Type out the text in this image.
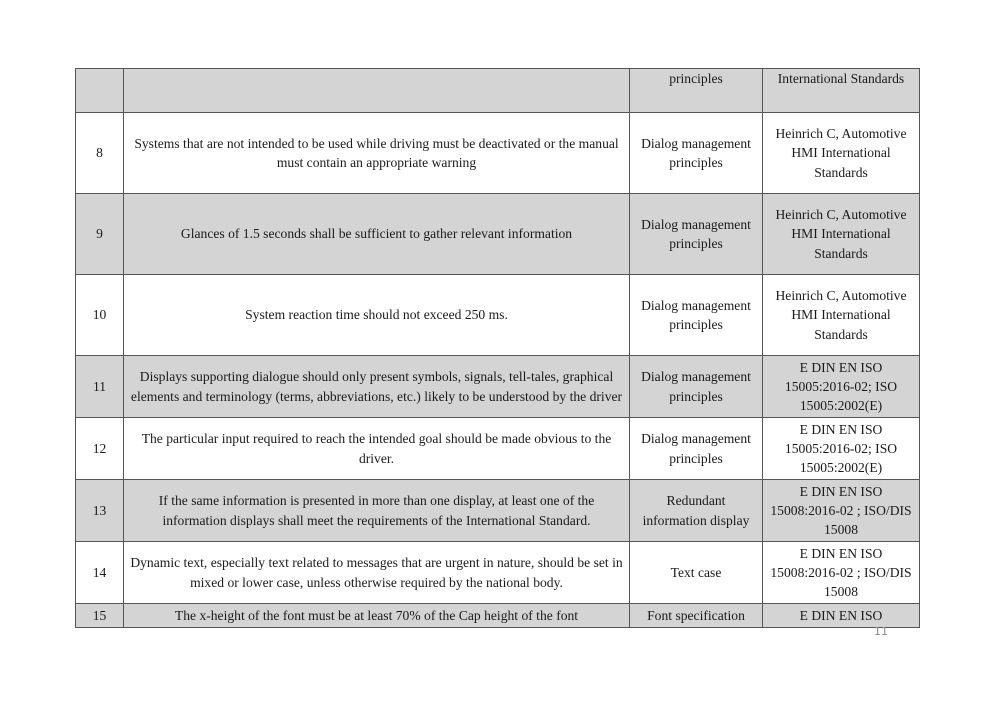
		principles	International Standards
8	Systems that are not intended to be used while driving must be deactivated or the manual must contain an appropriate warning	Dialog management principles	Heinrich C, Automotive HMI International Standards
9	Glances of 1.5 seconds shall be sufficient to gather relevant information	Dialog management principles	Heinrich C, Automotive HMI International Standards
10	System reaction time should not exceed 250 ms.	Dialog management principles	Heinrich C, Automotive HMI International Standards
11	Displays supporting dialogue should only present symbols, signals, tell-tales, graphical elements and terminology (terms, abbreviations, etc.) likely to be understood by the driver	Dialog management principles	E DIN EN ISO 15005:2016-02; ISO 15005:2002(E)
12	The particular input required to reach the intended goal should be made obvious to the driver.	Dialog management principles	E DIN EN ISO 15005:2016-02; ISO 15005:2002(E)
13	If the same information is presented in more than one display, at least one of the information displays shall meet the requirements of the International Standard.	Redundant information display	E DIN EN ISO 15008:2016-02 ; ISO/DIS 15008
14	Dynamic text, especially text related to messages that are urgent in nature, should be set in mixed or lower case, unless otherwise required by the national body.	Text case	E DIN EN ISO 15008:2016-02 ; ISO/DIS 15008
15	The x-height of the font must be at least 70% of the Cap height of the font	Font specification	E DIN EN ISO
11
